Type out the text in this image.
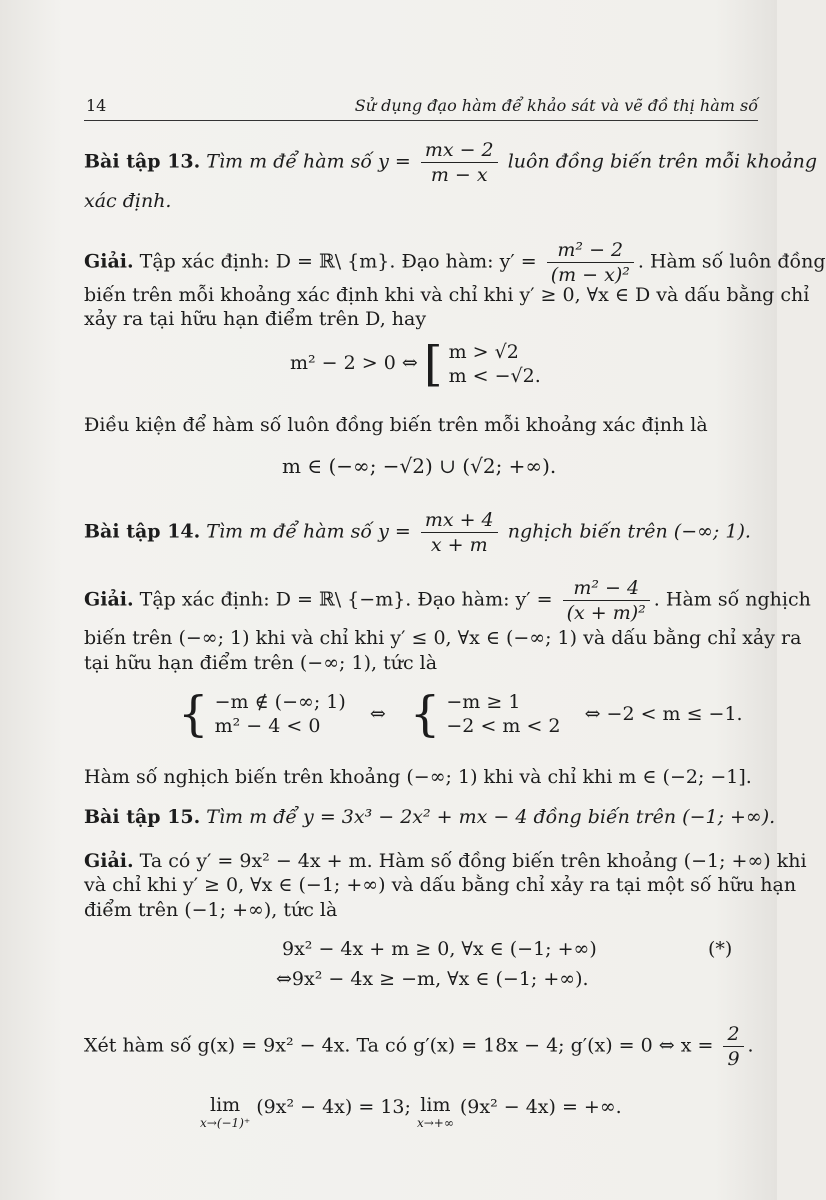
14	Sử dụng đạo hàm để khảo sát và vẽ đồ thị hàm số
Bài tập 13. Tìm m để hàm số $y = \frac{mx - 2}{m - x}$ luôn đồng biến trên mỗi khoảng
xác định.
Giải. Tập xác định: D = ℝ\ {m}. Đạo hàm: $y' = \frac{\text{m² − 2}}{\text{(m − x)²}}$ . Hàm số luôn đồng
biến trên mỗi khoảng xác định khi và chỉ khi y′ ≥ 0, ∀x ∈ D và dấu bằng chỉ
xảy ra tại hữu hạn điểm trên D, hay
m² − 2 > 0 ⇔ [ m > √2
m < −√2.
Điều kiện để hàm số luôn đồng biến trên mỗi khoảng xác định là
m ∈ (−∞; −√2) ∪ (√2; +∞).
Bài tập 14. Tìm m để hàm số $y = \frac{mx + 4}{x + m}$ nghịch biến trên (−∞; 1).
Giải. Tập xác định: D = ℝ\ {−m}. Đạo hàm: $y' = \frac{\text{m² − 4}}{\text{(x + m)²}}$ . Hàm số nghịch
biến trên (−∞; 1) khi và chỉ khi y′ ≤ 0, ∀x ∈ (−∞; 1) và dấu bằng chỉ xảy ra
tại hữu hạn điểm trên (−∞; 1), tức là
{ −m ∉ (−∞; 1)
m² − 4 < 0
⇔ { −m ≥ 1
−2 < m < 2
⇔ −2 < m ≤ −1.
Hàm số nghịch biến trên khoảng (−∞; 1) khi và chỉ khi m ∈ (−2; −1].
Bài tập 15. Tìm m để y = 3x³ − 2x² + mx − 4 đồng biến trên (−1; +∞).
Giải. Ta có y′ = 9x² − 4x + m. Hàm số đồng biến trên khoảng (−1; +∞) khi
và chỉ khi y′ ≥ 0, ∀x ∈ (−1; +∞) và dấu bằng chỉ xảy ra tại một số hữu hạn
điểm trên (−1; +∞), tức là
9x² − 4x + m ≥ 0, ∀x ∈ (−1; +∞)	(*)
⇔9x² − 4x ≥ −m, ∀x ∈ (−1; +∞).
Xét hàm số g(x) = 9x² − 4x. Ta có g′(x) = 18x − 4; g′(x) = 0 ⇔ $x = \frac{2}{9}$ .
lim
x→(−1)⁺
(9x² − 4x) = 13; lim
x→+∞
(9x² − 4x) = +∞.
